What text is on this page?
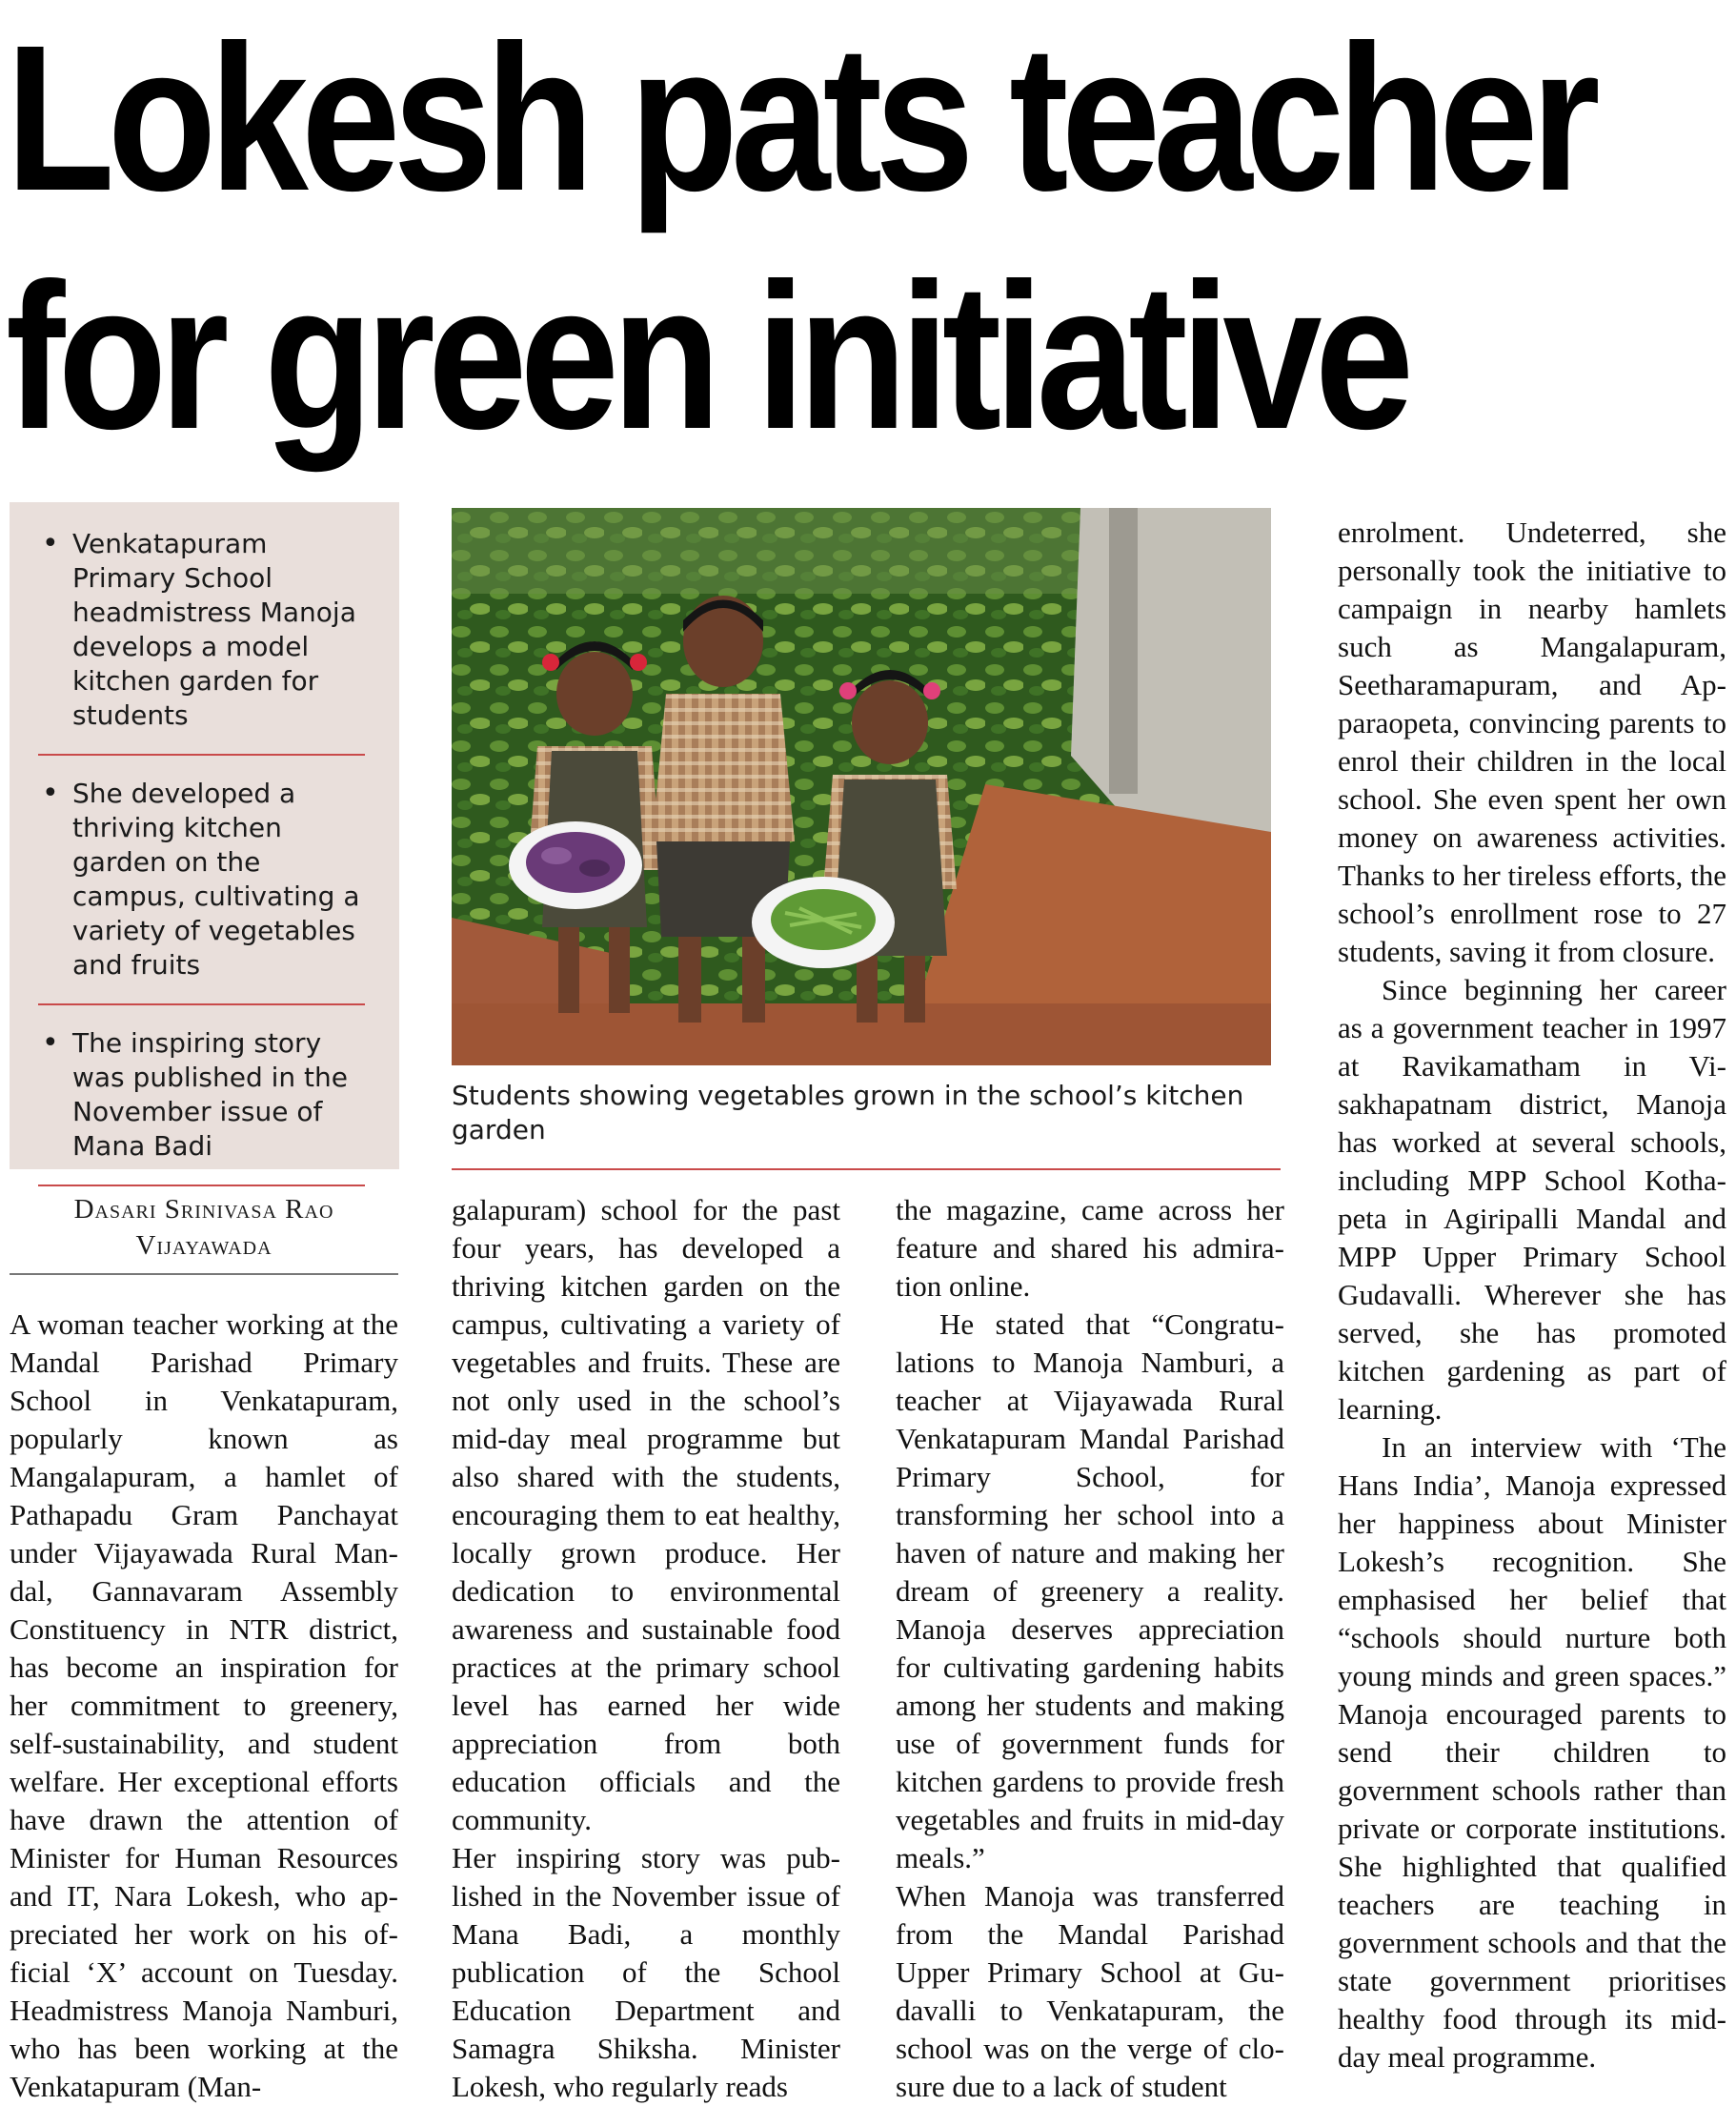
Lokesh pats teacher
for green initiative
• Venkatapuram Primary School headmistress Manoja develops a model kitchen garden for students
• She developed a thriving kitchen garden on the campus, cultivating a variety of vegetables and fruits
• The inspiring story was published in the November issue of Mana Badi
Students showing vegetables grown in the school’s kitchen garden
Dasari Srinivasa Rao
Vijayawada

A woman teacher working at the Mandal Parishad Primary School in Venkatapuram, popularly known as Mangalapuram, a hamlet of Pathapadu Gram Panchayat under Vijayawada Rural Mandal, Gannavaram Assembly Constituency in NTR district, has become an inspiration for her commitment to greenery, self-sustainability, and student welfare. Her exceptional efforts have drawn the attention of Minister for Human Resources and IT, Nara Lokesh, who appreciated her work on his official ‘X’ account on Tuesday. Headmistress Manoja Namburi, who has been working at the Venkatapuram (Man-

galapuram) school for the past four years, has developed a thriving kitchen garden on the campus, cultivating a variety of vegetables and fruits. These are not only used in the school’s mid-day meal programme but also shared with the students, encouraging them to eat healthy, locally grown produce. Her dedication to environmental awareness and sustainable food practices at the primary school level has earned her wide appreciation from both education officials and the community.

Her inspiring story was published in the November issue of Mana Badi, a monthly publication of the School Education Department and Samagra Shiksha. Minister Lokesh, who regularly reads

the magazine, came across her feature and shared his admiration online.

He stated that “Congratulations to Manoja Namburi, a teacher at Vijayawada Rural Venkatapuram Mandal Parishad Primary School, for transforming her school into a haven of nature and making her dream of greenery a reality. Manoja deserves appreciation for cultivating gardening habits among her students and making use of government funds for kitchen gardens to provide fresh vegetables and fruits in mid-day meals.”

When Manoja was transferred from the Mandal Parishad Upper Primary School at Gudavalli to Venkatapuram, the school was on the verge of closure due to a lack of student

enrolment. Undeterred, she personally took the initiative to campaign in nearby hamlets such as Mangalapuram, Seetharamapuram, and Apparaopeta, convincing parents to enrol their children in the local school. She even spent her own money on awareness activities. Thanks to her tireless efforts, the school’s enrollment rose to 27 students, saving it from closure.

Since beginning her career as a government teacher in 1997 at Ravikamatham in Visakhapatnam district, Manoja has worked at several schools, including MPP School Kothapeta in Agiripalli Mandal and MPP Upper Primary School Gudavalli. Wherever she has served, she has promoted kitchen gardening as part of learning.

In an interview with ‘The Hans India’, Manoja expressed her happiness about Minister Lokesh’s recognition. She emphasised her belief that “schools should nurture both young minds and green spaces.” Manoja encouraged parents to send their children to government schools rather than private or corporate institutions. She highlighted that qualified teachers are teaching in government schools and that the state government prioritises healthy food through its mid-day meal programme.
